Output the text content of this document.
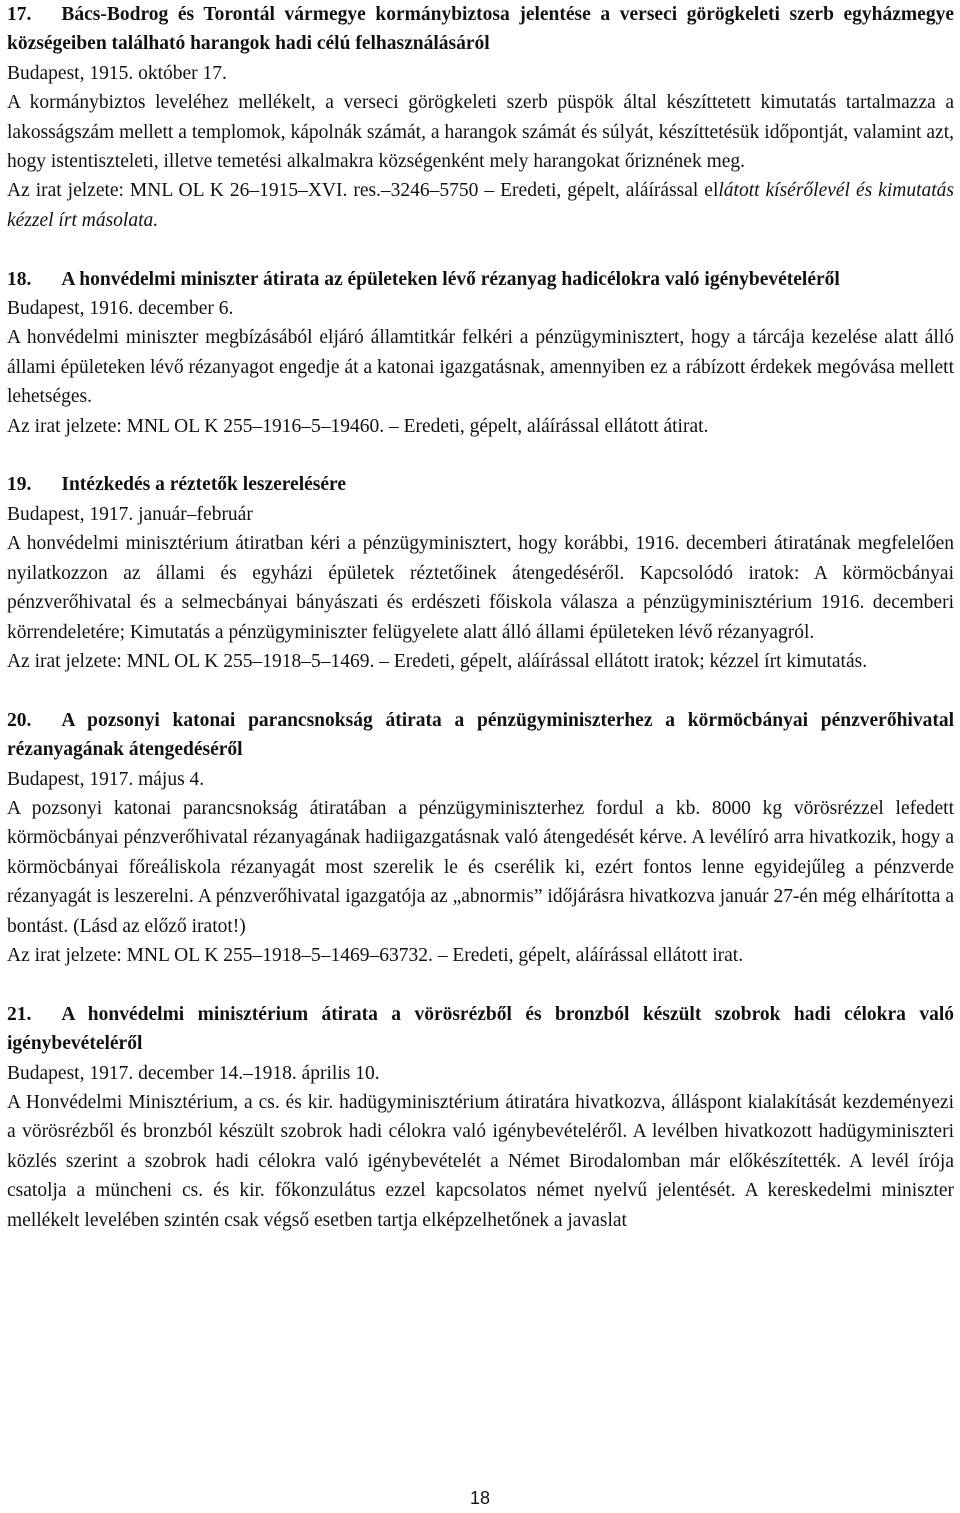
17. Bács-Bodrog és Torontál vármegye kormánybiztosa jelentése a verseci görögkeleti szerb egyházmegye községeiben található harangok hadi célú felhasználásáról

Budapest, 1915. október 17.

A kormánybiztos leveléhez mellékelt, a verseci görögkeleti szerb püspök által készíttetett kimutatás tartalmazza a lakosságszám mellett a templomok, kápolnák számát, a harangok számát és súlyát, készíttetésük időpontját, valamint azt, hogy istentiszteleti, illetve temetési alkalmakra községenként mely harangokat őriznének meg.

Az irat jelzete: MNL OL K 26–1915–XVI. res.–3246–5750 – Eredeti, gépelt, aláírással ellátott kísérőlevél és kimutatás kézzel írt másolata.

18. A honvédelmi miniszter átirata az épületeken lévő rézanyag hadicélokra való igénybevételéről

Budapest, 1916. december 6.

A honvédelmi miniszter megbízásából eljáró államtitkár felkéri a pénzügyminisztert, hogy a tárcája kezelése alatt álló állami épületeken lévő rézanyagot engedje át a katonai igazgatásnak, amennyiben ez a rábízott érdekek megóvása mellett lehetséges.

Az irat jelzete: MNL OL K 255–1916–5–19460. – Eredeti, gépelt, aláírással ellátott átirat.

19. Intézkedés a réztetők leszerelésére

Budapest, 1917. január–február

A honvédelmi minisztérium átiratban kéri a pénzügyminisztert, hogy korábbi, 1916. decemberi átiratának megfelelően nyilatkozzon az állami és egyházi épületek réztetőinek átengedéséről. Kapcsolódó iratok: A körmöcbányai pénzverőhivatal és a selmecbányai bányászati és erdészeti főiskola válasza a pénzügyminisztérium 1916. decemberi körrendeletére; Kimutatás a pénzügyminiszter felügyelete alatt álló állami épületeken lévő rézanyagról.

Az irat jelzete: MNL OL K 255–1918–5–1469. – Eredeti, gépelt, aláírással ellátott iratok; kézzel írt kimutatás.

20. A pozsonyi katonai parancsnokság átirata a pénzügyminiszterhez a körmöcbányai pénzverőhivatal rézanyagának átengedéséről

Budapest, 1917. május 4.

A pozsonyi katonai parancsnokság átiratában a pénzügyminiszterhez fordul a kb. 8000 kg vörösrézzel lefedett körmöcbányai pénzverőhivatal rézanyagának hadiigazgatásnak való átengedését kérve. A levélíró arra hivatkozik, hogy a körmöcbányai főreáliskola rézanyagát most szerelik le és cserélik ki, ezért fontos lenne egyidejűleg a pénzverde rézanyagát is leszerelni. A pénzverőhivatal igazgatója az „abnormis” időjárásra hivatkozva január 27-én még elhárította a bontást. (Lásd az előző iratot!)

Az irat jelzete: MNL OL K 255–1918–5–1469–63732. – Eredeti, gépelt, aláírással ellátott irat.

21. A honvédelmi minisztérium átirata a vörösrézből és bronzból készült szobrok hadi célokra való igénybevételéről

Budapest, 1917. december 14.–1918. április 10.

A Honvédelmi Minisztérium, a cs. és kir. hadügyminisztérium átiratára hivatkozva, álláspont kialakítását kezdeményezi a vörösrézből és bronzból készült szobrok hadi célokra való igénybevételéről. A levélben hivatkozott hadügyminiszteri közlés szerint a szobrok hadi célokra való igénybevételét a Német Birodalomban már előkészítették. A levél írója csatolja a müncheni cs. és kir. főkonzulátus ezzel kapcsolatos német nyelvű jelentését. A kereskedelmi miniszter mellékelt levelében szintén csak végső esetben tartja elképzelhetőnek a javaslat

18
